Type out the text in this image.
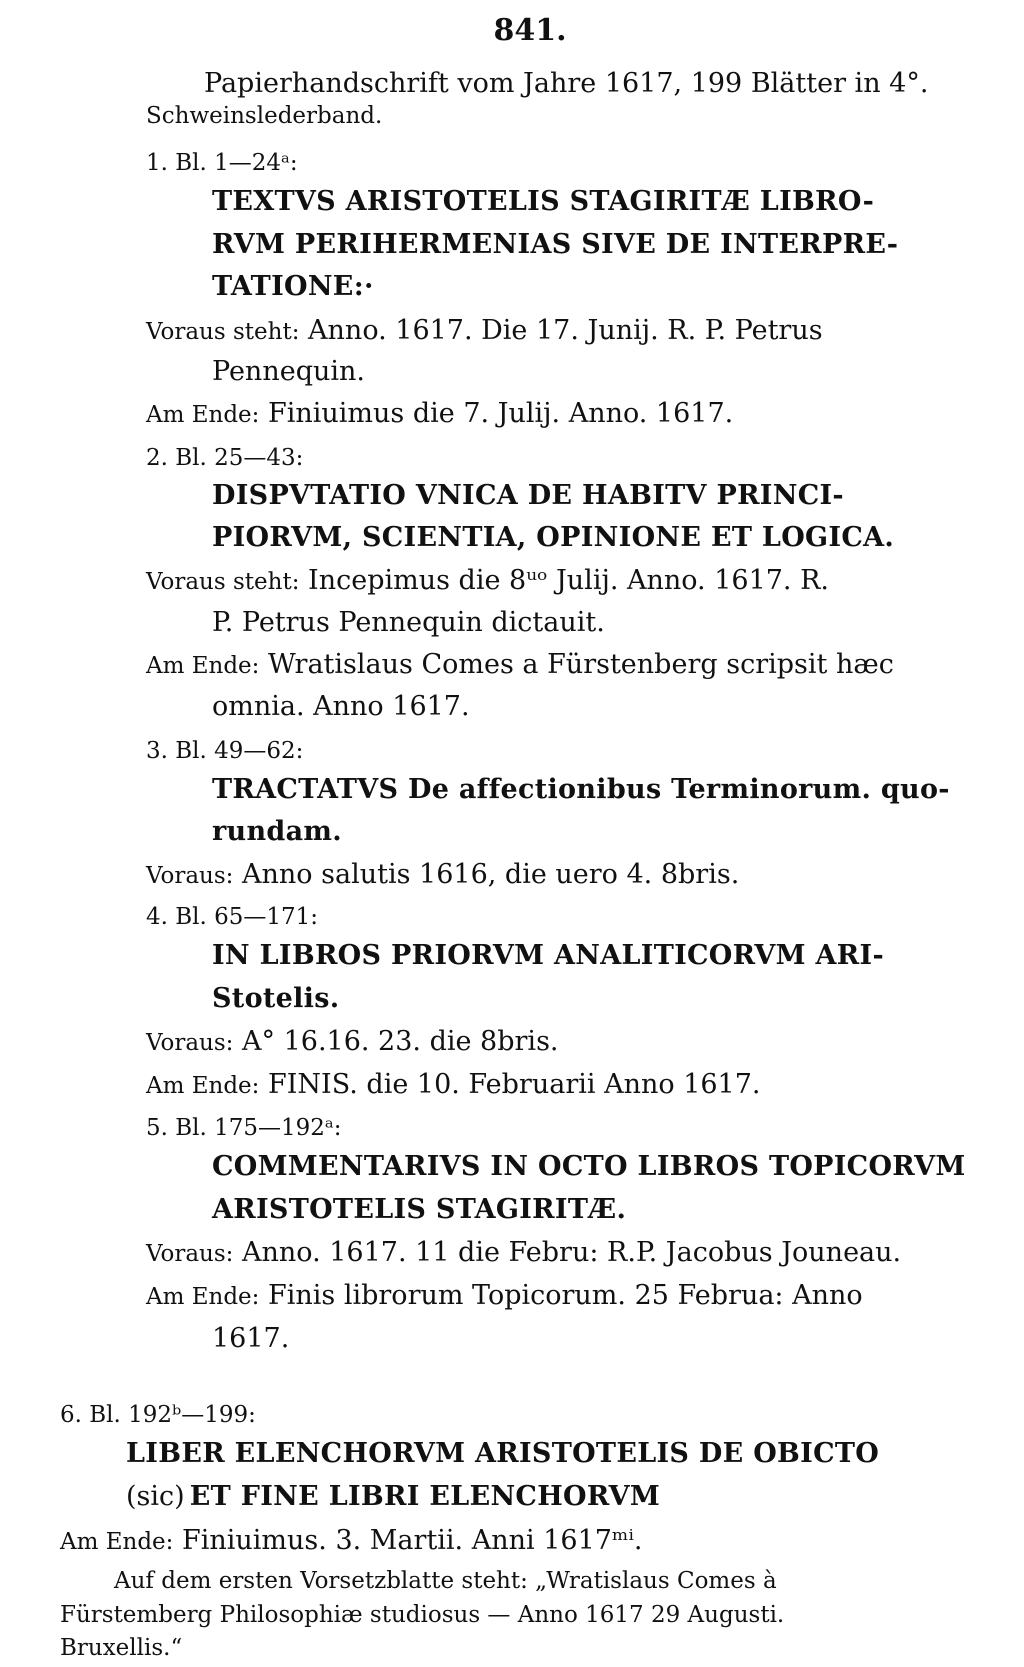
841.
Papierhandschrift vom Jahre 1617, 199 Blätter in 4°.
Schweinslederband.
1. Bl. 1—24ᵃ:
TEXTVS ARISTOTELIS STAGIRITÆ LIBRO-
RVM PERIHERMENIAS SIVE DE INTERPRE-
TATIONE:·
Voraus steht: Anno. 1617. Die 17. Junij. R. P. Petrus
Pennequin.
Am Ende: Finiuimus die 7. Julij. Anno. 1617.
2. Bl. 25—43:
DISPVTATIO VNICA DE HABITV PRINCI-
PIORVM, SCIENTIA, OPINIONE ET LOGICA.
Voraus steht: Incepimus die 8ᵘᵒ Julij. Anno. 1617. R.
P. Petrus Pennequin dictauit.
Am Ende: Wratislaus Comes a Fürstenberg scripsit hæc
omnia. Anno 1617.
3. Bl. 49—62:
TRACTATVS De affectionibus Terminorum. quo-
rundam.
Voraus: Anno salutis 1616, die uero 4. 8bris.
4. Bl. 65—171:
IN LIBROS PRIORVM ANALITICORVM ARI-
Stotelis.
Voraus: A° 16.16. 23. die 8bris.
Am Ende: FINIS. die 10. Februarii Anno 1617.
5. Bl. 175—192ᵃ:
COMMENTARIVS IN OCTO LIBROS TOPICORVM
ARISTOTELIS STAGIRITÆ.
Voraus: Anno. 1617. 11 die Febru: R.P. Jacobus Jouneau.
Am Ende: Finis librorum Topicorum. 25 Februa: Anno
1617.
6. Bl. 192ᵇ—199:
LIBER ELENCHORVM ARISTOTELIS DE OBICTO
(sic) ET FINE LIBRI ELENCHORVM
Am Ende: Finiuimus. 3. Martii. Anni 1617ᵐⁱ.
Auf dem ersten Vorsetzblatte steht: „Wratislaus Comes à
Fürstemberg Philosophiæ studiosus — Anno 1617 29 Augusti.
Bruxellis.“
